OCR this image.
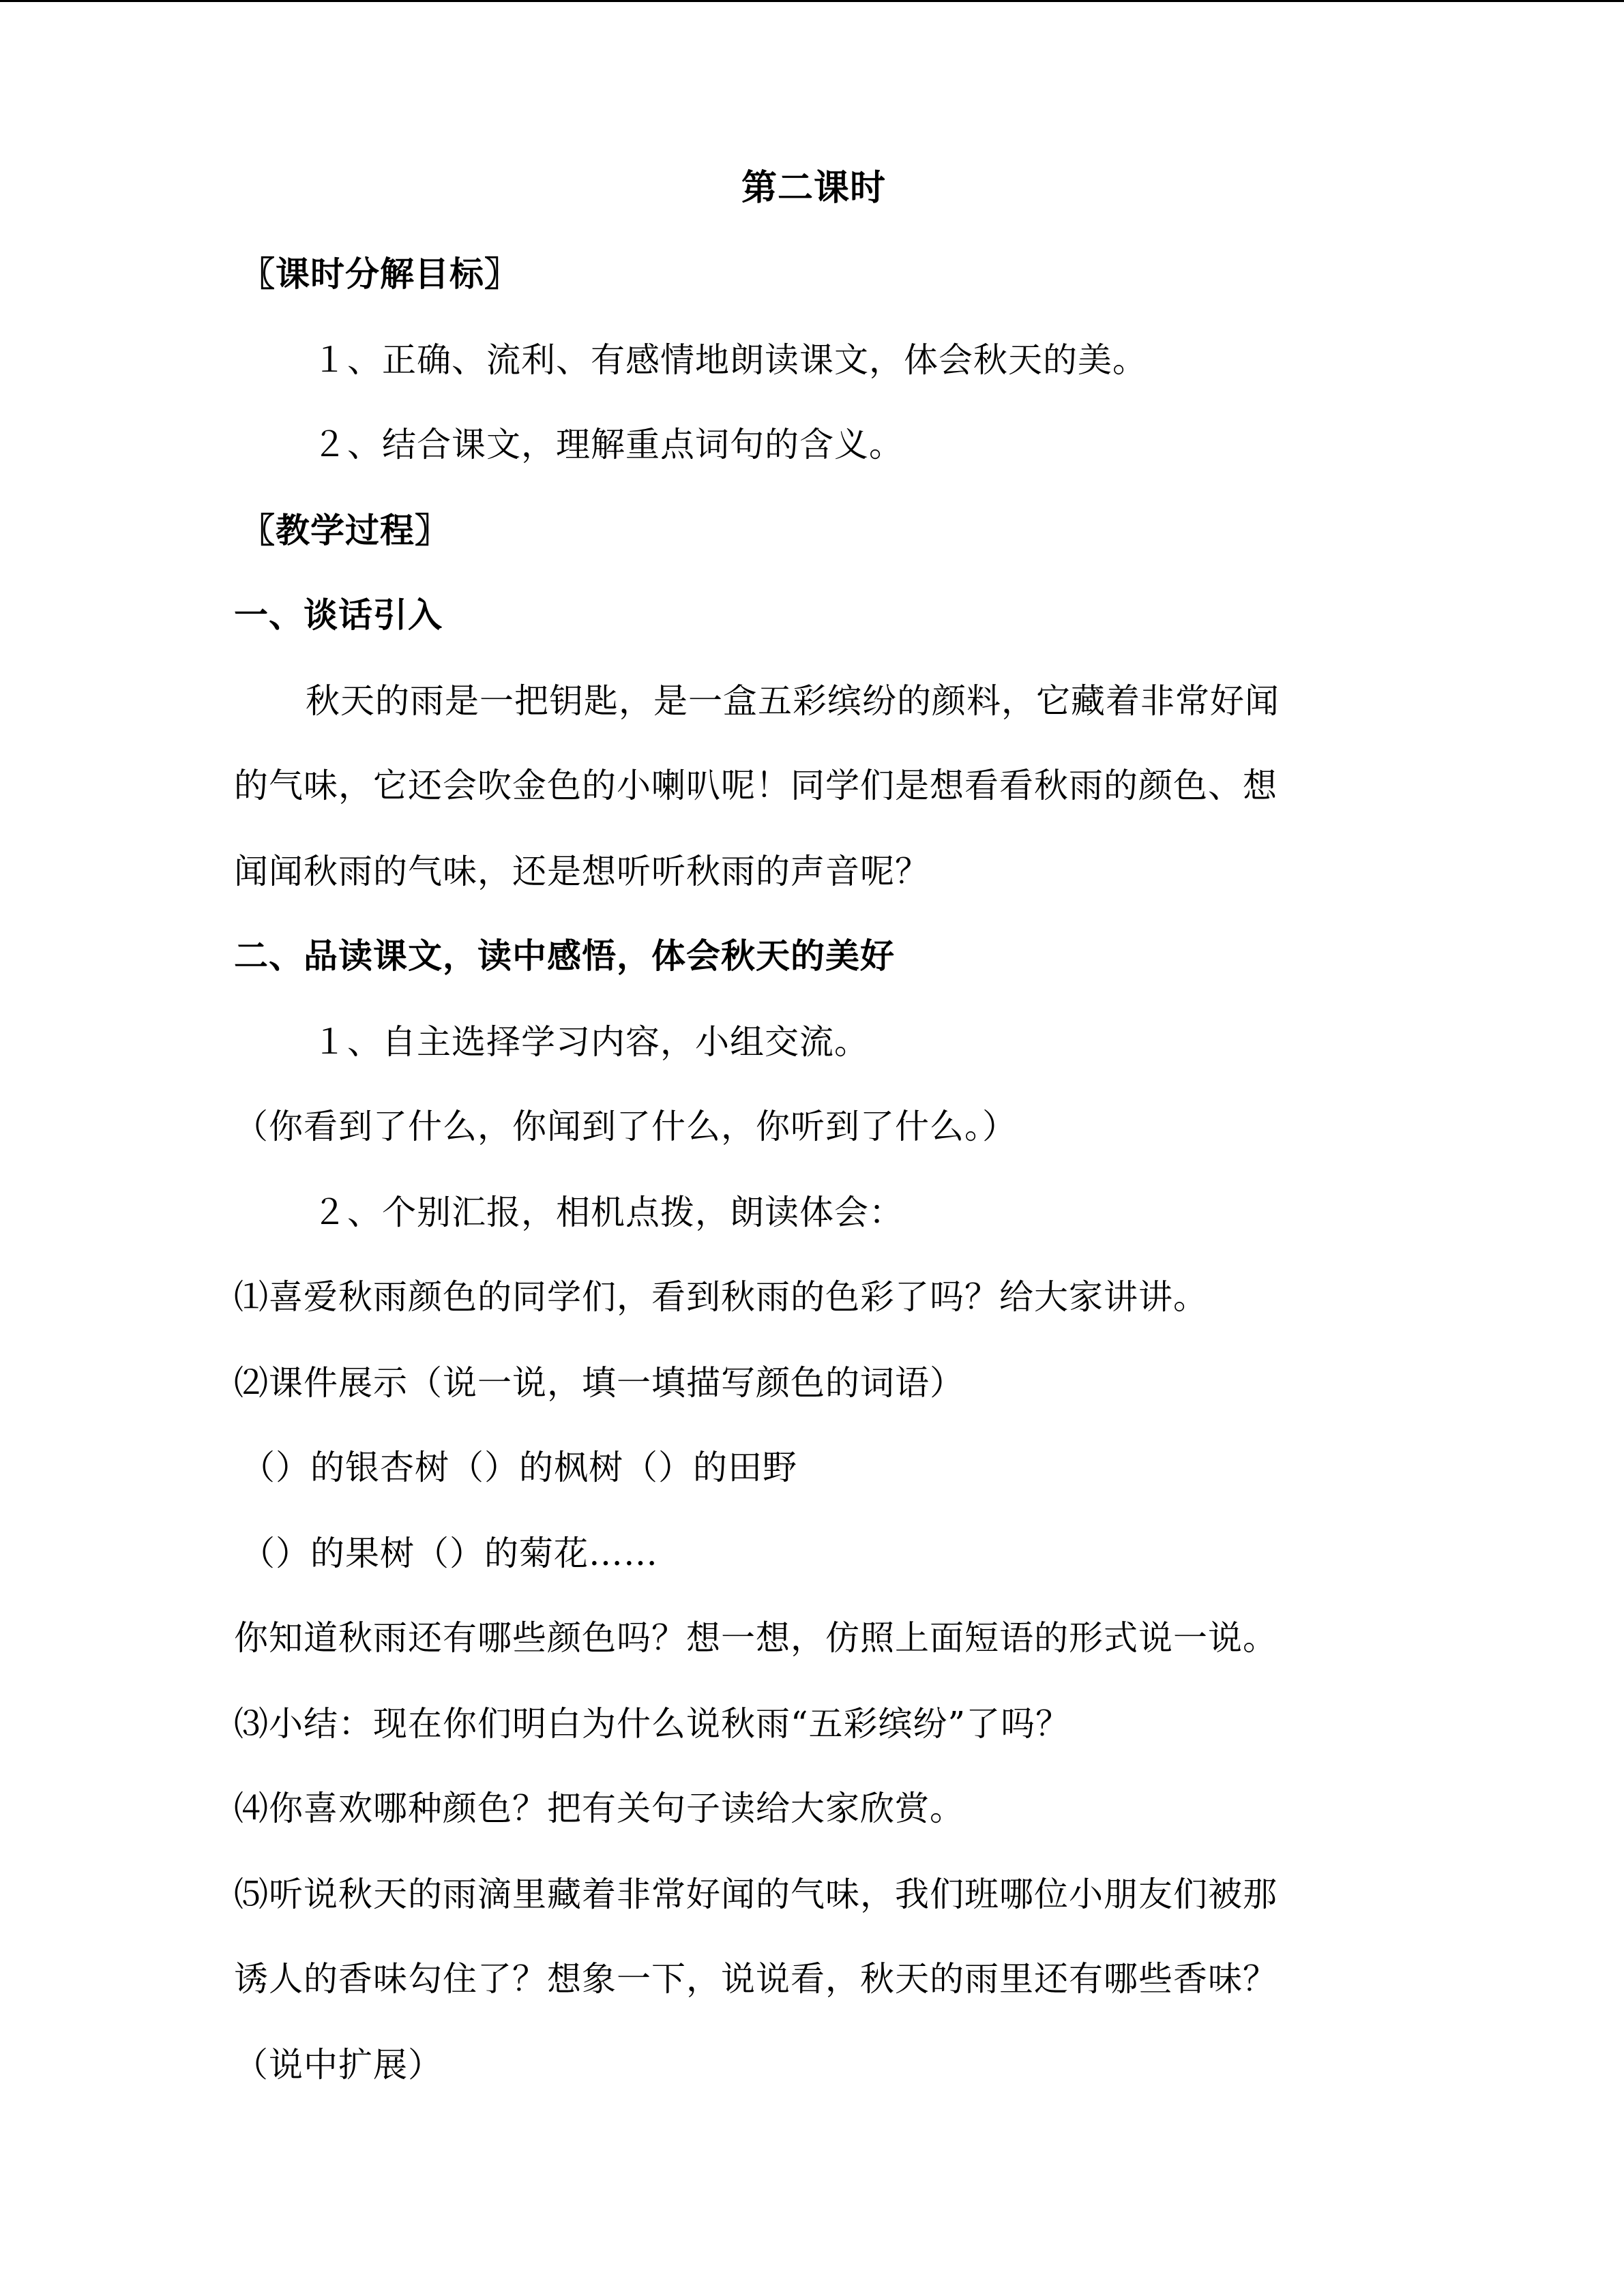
第二课时
〖课时分解目标〗
１、正确、流利、有感情地朗读课文，体会秋天的美。
２、结合课文，理解重点词句的含义。
〖教学过程〗
一、谈话引入
秋天的雨是一把钥匙，是一盒五彩缤纷的颜料，它藏着非常好闻
的气味，它还会吹金色的小喇叭呢！同学们是想看看秋雨的颜色、想
闻闻秋雨的气味，还是想听听秋雨的声音呢？
二、品读课文，读中感悟，体会秋天的美好
１、自主选择学习内容，小组交流。
（你看到了什么，你闻到了什么，你听到了什么。）
２、个别汇报，相机点拨，朗读体会：
⑴喜爱秋雨颜色的同学们，看到秋雨的色彩了吗？给大家讲讲。
⑵课件展示（说一说，填一填描写颜色的词语）
（）的银杏树（）的枫树（）的田野
（）的果树（）的菊花……
你知道秋雨还有哪些颜色吗？想一想，仿照上面短语的形式说一说。
⑶小结：现在你们明白为什么说秋雨“五彩缤纷”了吗？
⑷你喜欢哪种颜色？把有关句子读给大家欣赏。
⑸听说秋天的雨滴里藏着非常好闻的气味，我们班哪位小朋友们被那
诱人的香味勾住了？想象一下，说说看，秋天的雨里还有哪些香味？
（说中扩展）
